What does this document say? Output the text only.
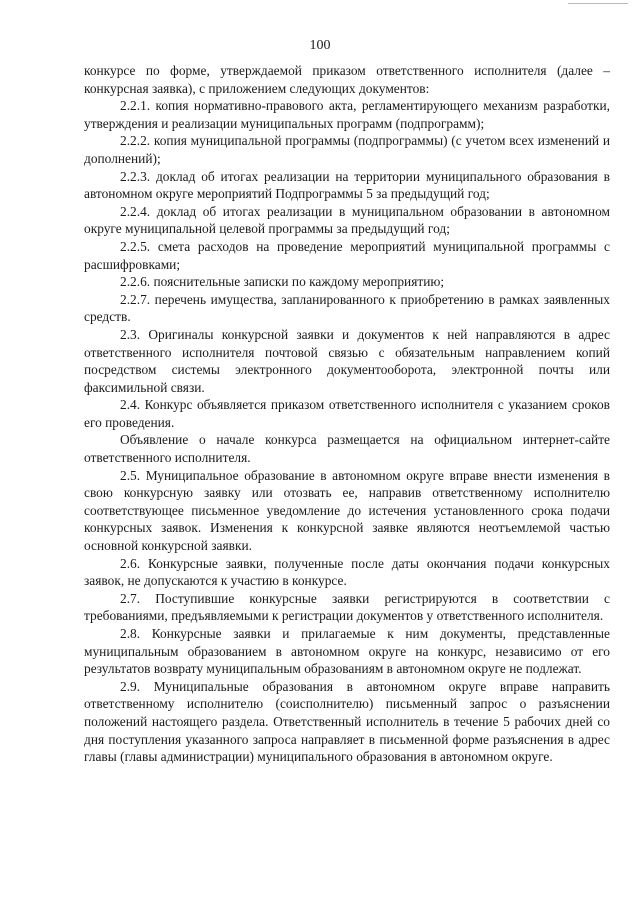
100

конкурсе по форме, утверждаемой приказом ответственного исполнителя (далее – конкурсная заявка), с приложением следующих документов:

2.2.1. копия нормативно-правового акта, регламентирующего механизм разработки, утверждения и реализации муниципальных программ (подпрограмм);

2.2.2. копия муниципальной программы (подпрограммы) (с учетом всех изменений и дополнений);

2.2.3. доклад об итогах реализации на территории муниципального образования в автономном округе мероприятий Подпрограммы 5 за предыдущий год;

2.2.4. доклад об итогах реализации в муниципальном образовании в автономном округе муниципальной целевой программы за предыдущий год;

2.2.5. смета расходов на проведение мероприятий муниципальной программы с расшифровками;

2.2.6. пояснительные записки по каждому мероприятию;

2.2.7. перечень имущества, запланированного к приобретению в рамках заявленных средств.

2.3. Оригиналы конкурсной заявки и документов к ней направляются в адрес ответственного исполнителя почтовой связью с обязательным направлением копий посредством системы электронного документооборота, электронной почты или факсимильной связи.

2.4. Конкурс объявляется приказом ответственного исполнителя с указанием сроков его проведения.

Объявление о начале конкурса размещается на официальном интернет-сайте ответственного исполнителя.

2.5. Муниципальное образование в автономном округе вправе внести изменения в свою конкурсную заявку или отозвать ее, направив ответственному исполнителю соответствующее письменное уведомление до истечения установленного срока подачи конкурсных заявок. Изменения к конкурсной заявке являются неотъемлемой частью основной конкурсной заявки.

2.6. Конкурсные заявки, полученные после даты окончания подачи конкурсных заявок, не допускаются к участию в конкурсе.

2.7. Поступившие конкурсные заявки регистрируются в соответствии с требованиями, предъявляемыми к регистрации документов у ответственного исполнителя.

2.8. Конкурсные заявки и прилагаемые к ним документы, представленные муниципальным образованием в автономном округе на конкурс, независимо от его результатов возврату муниципальным образованиям в автономном округе не подлежат.

2.9. Муниципальные образования в автономном округе вправе направить ответственному исполнителю (соисполнителю) письменный запрос о разъяснении положений настоящего раздела. Ответственный исполнитель в течение 5 рабочих дней со дня поступления указанного запроса направляет в письменной форме разъяснения в адрес главы (главы администрации) муниципального образования в автономном округе.
